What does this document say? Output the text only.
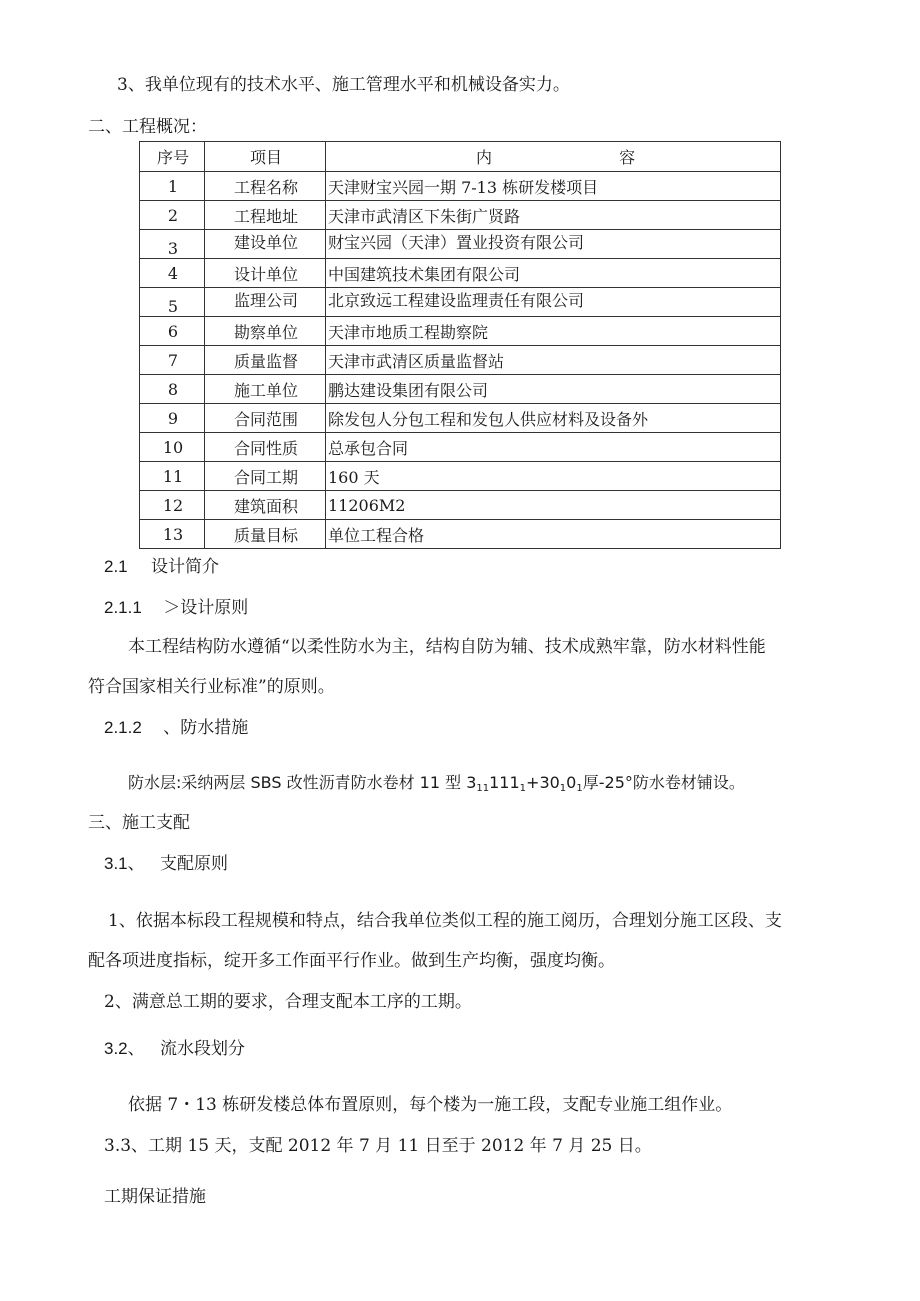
3、我单位现有的技术水平、施工管理水平和机械设备实力。
二、工程概况：
序号	项目	内 容
1	工程名称	天津财宝兴园一期 7-13 栋研发楼项目
2	工程地址	天津市武清区下朱街广贤路
3	建设单位	财宝兴园（天津）置业投资有限公司
4	设计单位	中国建筑技术集团有限公司
5	监理公司	北京致远工程建设监理责任有限公司
6	勘察单位	天津市地质工程勘察院
7	质量监督	天津市武清区质量监督站
8	施工单位	鹏达建设集团有限公司
9	合同范围	除发包人分包工程和发包人供应材料及设备外
10	合同性质	总承包合同
11	合同工期	160 天
12	建筑面积	11206M2
13	质量目标	单位工程合格
2.1 设计简介
2.1.1 ＞设计原则
本工程结构防水遵循“以柔性防水为主，结构自防为辅、技术成熟牢靠，防水材料性能
符合国家相关行业标准”的原则。
2.1.2 、防水措施
防水层:采纳两层 SBS 改性沥青防水卷材 11 型 $3_{11}111_1+30_10_1$厚-25°防水卷材铺设。
三、施工支配
3.1、 支配原则
1、依据本标段工程规模和特点，结合我单位类似工程的施工阅历，合理划分施工区段、支
配各项进度指标，绽开多工作面平行作业。做到生产均衡，强度均衡。
2、满意总工期的要求，合理支配本工序的工期。
3.2、 流水段划分
依据 7・13 栋研发楼总体布置原则，每个楼为一施工段，支配专业施工组作业。
3.3、工期 15 天，支配 2012 年 7 月 11 日至于 2012 年 7 月 25 日。
工期保证措施
